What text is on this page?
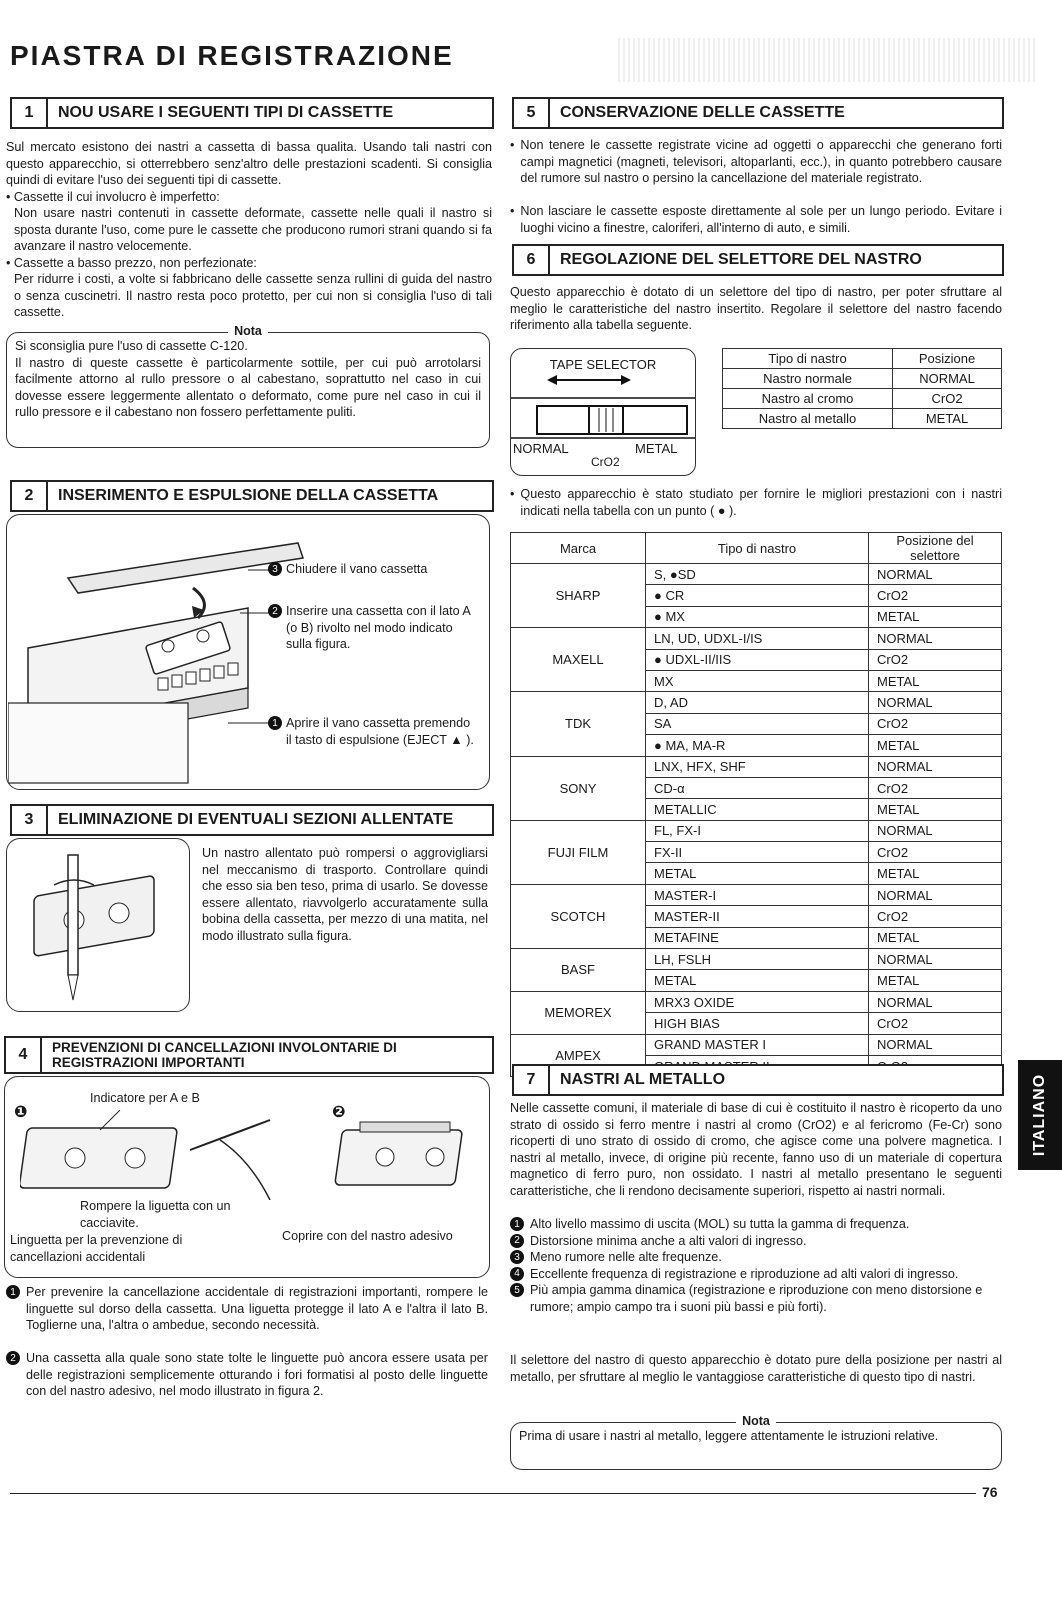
PIASTRA DI REGISTRAZIONE
1	NOU USARE I SEGUENTI TIPI DI CASSETTE

Sul mercato esistono dei nastri a cassetta di bassa qualita. Usando tali nastri con questo apparecchio, si otterrebbero senz'altro delle prestazioni scadenti. Si consiglia quindi di evitare l'uso dei seguenti tipi di cassette.

• Cassette il cui involucro è imperfetto:

Non usare nastri contenuti in cassette deformate, cassette nelle quali il nastro si sposta durante l'uso, come pure le cassette che producono rumori strani quando si fa avanzare il nastro velocemente.

• Cassette a basso prezzo, non perfezionate:

Per ridurre i costi, a volte si fabbricano delle cassette senza rullini di guida del nastro o senza cuscinetri. Il nastro resta poco protetto, per cui non si consiglia l'uso di tali cassette.

Nota

Si sconsiglia pure l'uso di cassette C-120.

Il nastro di queste cassette è particolarmente sottile, per cui può arrotolarsi facilmente attorno al rullo pressore o al cabestano, soprattutto nel caso in cui dovesse essere leggermente allentato o deformato, come pure nel caso in cui il rullo pressore e il cabestano non fossero perfettamente puliti.

2	INSERIMENTO E ESPULSIONE DELLA CASSETTA
3 Chiudere il vano cassetta
2 Inserire una cassetta con il lato A (o B) rivolto nel modo indicato sulla figura.
1 Aprire il vano cassetta premendo il tasto di espulsione (EJECT ▲ ).
3	ELIMINAZIONE DI EVENTUALI SEZIONI ALLENTATE

Un nastro allentato può rompersi o aggrovigliarsi nel meccanismo di trasporto. Controllare quindi che esso sia ben teso, prima di usarlo. Se dovesse essere allentato, riavvolgerlo accuratamente sulla bobina della cassetta, per mezzo di una matita, nel modo illustrato sulla figura.

4	PREVENZIONI DI CANCELLAZIONI INVOLONTARIE DI
REGISTRAZIONI IMPORTANTI
❶	❷
Indicatore per A e B
Rompere la liguetta con un cacciavite.
Linguetta per la prevenzione di cancellazioni accidentali
Coprire con del nastro adesivo
1 Per prevenire la cancellazione accidentale di registrazioni importanti, rompere le linguette sul dorso della cassetta. Una liguetta protegge il lato A e l'altra il lato B. Toglierne una, l'altra o ambedue, secondo necessità.

2 Una cassetta alla quale sono state tolte le linguette può ancora essere usata per delle registrazioni semplicemente otturando i fori formatisi al posto delle linguette con del nastro adesivo, nel modo illustrato in figura 2.

5	CONSERVAZIONE DELLE CASSETTE
• Non tenere le cassette registrate vicine ad oggetti o apparecchi che generano forti campi magnetici (magneti, televisori, altoparlanti, ecc.), in quanto potrebbero causare del rumore sul nastro o persino la cancellazione del materiale registrato.

• Non lasciare le cassette esposte direttamente al sole per un lungo periodo. Evitare i luoghi vicino a finestre, caloriferi, all'interno di auto, e simili.

6	REGOLAZIONE DEL SELETTORE DEL NASTRO

Questo apparecchio è dotato di un selettore del tipo di nastro, per poter sfruttare al meglio le caratteristiche del nastro insertito. Regolare il selettore del nastro facendo riferimento alla tabella seguente.

TAPE SELECTOR
NORMAL	METAL
CrO2
Tipo di nastro	Posizione
Nastro normale	NORMAL
Nastro al cromo	CrO2
Nastro al metallo	METAL
• Questo apparecchio è stato studiato per fornire le migliori prestazioni con i nastri indicati nella tabella con un punto ( ● ).

Marca	Tipo di nastro	Posizione del selettore
SHARP	S, ●SD	NORMAL
	● CR	CrO2
	● MX	METAL
MAXELL	LN, UD, UDXL-I/IS	NORMAL
	● UDXL-II/IIS	CrO2
	MX	METAL
TDK	D, AD	NORMAL
	SA	CrO2
	● MA, MA-R	METAL
SONY	LNX, HFX, SHF	NORMAL
	CD-α	CrO2
	METALLIC	METAL
FUJI FILM	FL, FX-I	NORMAL
	FX-II	CrO2
	METAL	METAL
SCOTCH	MASTER-I	NORMAL
	MASTER-II	CrO2
	METAFINE	METAL
BASF	LH, FSLH	NORMAL
	METAL	METAL
MEMOREX	MRX3 OXIDE	NORMAL
	HIGH BIAS	CrO2
AMPEX	GRAND MASTER I	NORMAL

7	NASTRI AL METALLO

Nelle cassette comuni, il materiale di base di cui è costituito il nastro è ricoperto da uno strato di ossido si ferro mentre i nastri al cromo (CrO2) e al fericromo (Fe-Cr) sono ricoperti di uno strato di ossido di cromo, che agisce come una polvere magnetica. I nastri al metallo, invece, di origine più recente, fanno uso di un materiale di copertura magnetico di ferro puro, non ossidato. I nastri al metallo presentano le seguenti caratteristiche, che li rendono decisamente superiori, rispetto ai nastri normali.

1 Alto livello massimo di uscita (MOL) su tutta la gamma di frequenza.

2 Distorsione minima anche a alti valori di ingresso.

3 Meno rumore nelle alte frequenze.

4 Eccellente frequenza di registrazione e riproduzione ad alti valori di ingresso.

5 Più ampia gamma dinamica (registrazione e riproduzione con meno distorsione e rumore; ampio campo tra i suoni più bassi e più forti).

Il selettore del nastro di questo apparecchio è dotato pure della posizione per nastri al metallo, per sfruttare al meglio le vantaggiose caratteristiche di questo tipo di nastri.

Nota

Prima di usare i nastri al metallo, leggere attentamente le istruzioni relative.

ITALIANO
76
